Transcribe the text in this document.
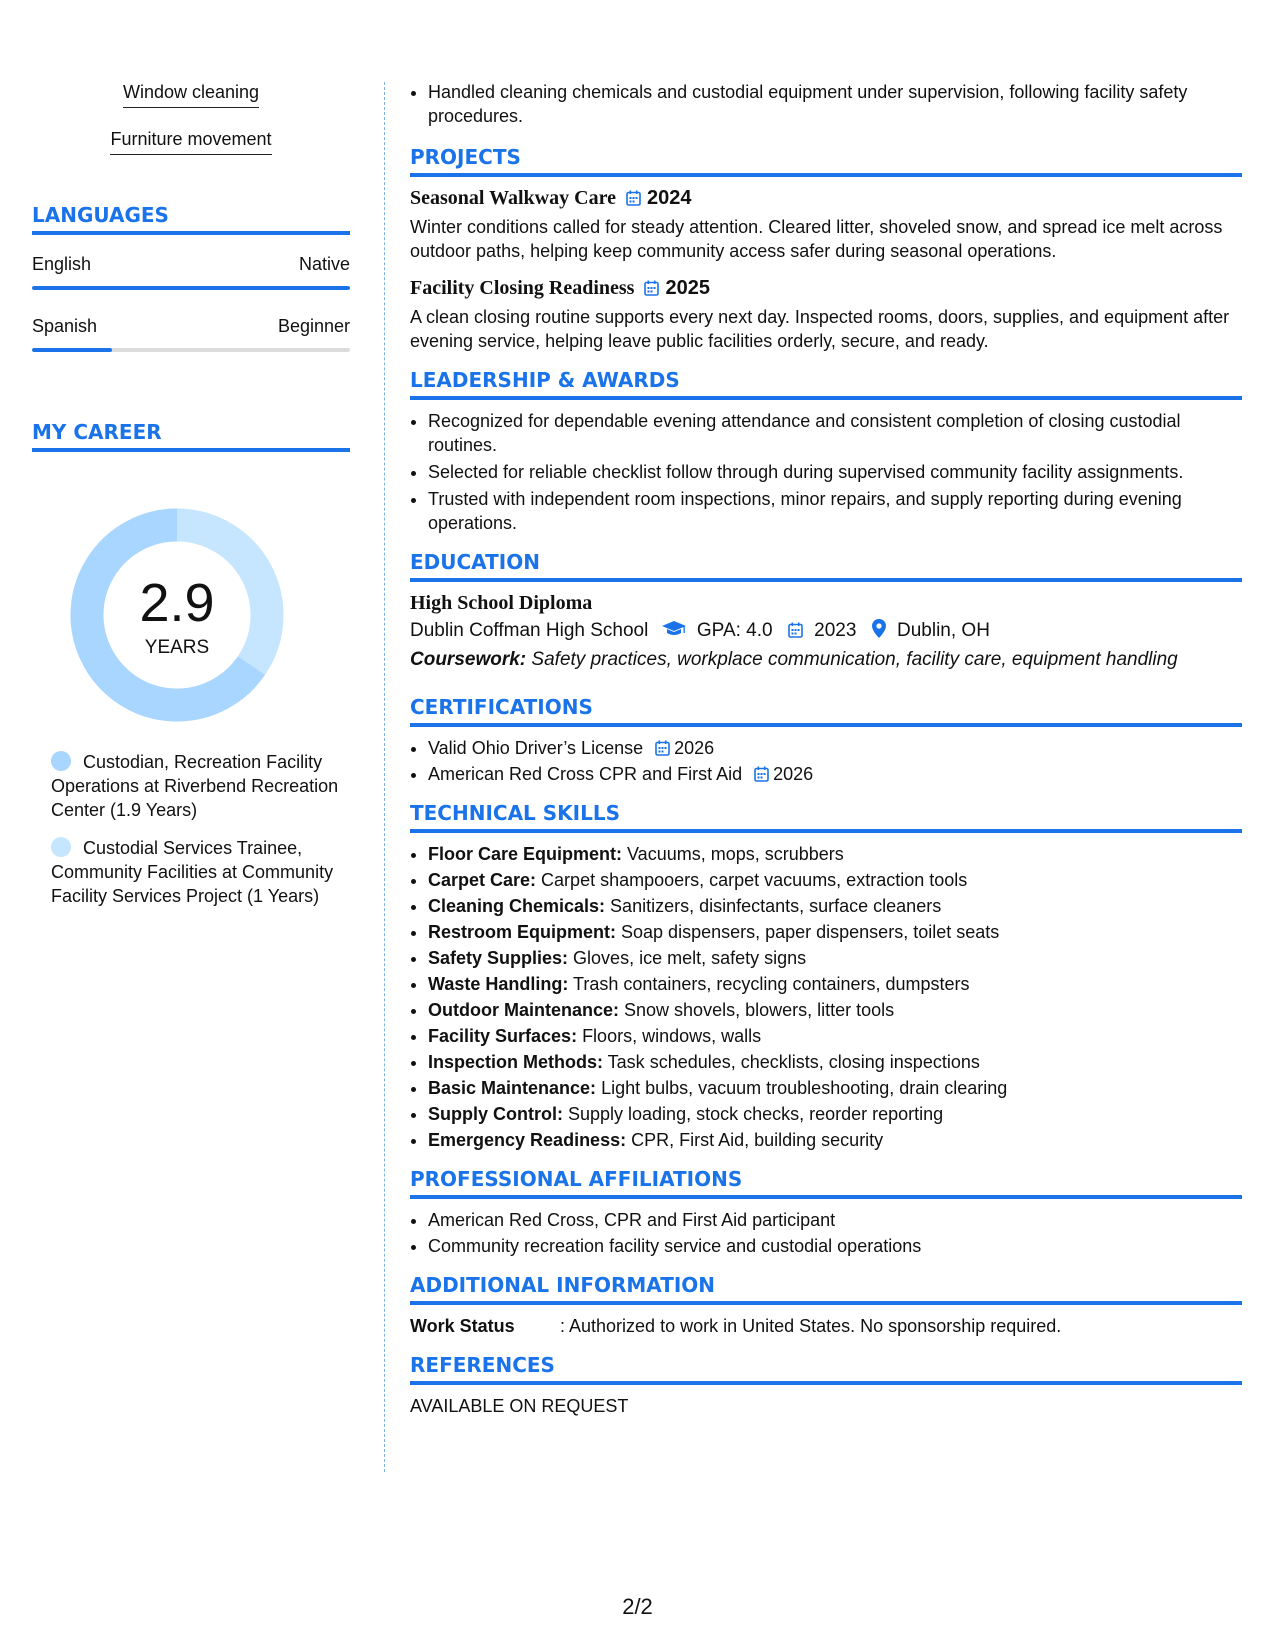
Window cleaning
Furniture movement
LANGUAGES
English	Native
Spanish	Beginner
MY CAREER
2.9
YEARS
Custodian, Recreation Facility Operations at Riverbend Recreation Center (1.9 Years)
Custodial Services Trainee, Community Facilities at Community Facility Services Project (1 Years)
• Handled cleaning chemicals and custodial equipment under supervision, following facility safety procedures.
PROJECTS
Seasonal Walkway Care 2024
Winter conditions called for steady attention. Cleared litter, shoveled snow, and spread ice melt across outdoor paths, helping keep community access safer during seasonal operations.
Facility Closing Readiness 2025
A clean closing routine supports every next day. Inspected rooms, doors, supplies, and equipment after evening service, helping leave public facilities orderly, secure, and ready.
LEADERSHIP & AWARDS
• Recognized for dependable evening attendance and consistent completion of closing custodial routines.
• Selected for reliable checklist follow through during supervised community facility assignments.
• Trusted with independent room inspections, minor repairs, and supply reporting during evening operations.
EDUCATION
High School Diploma
Dublin Coffman High School	GPA: 4.0 2023 Dublin, OH
Coursework: Safety practices, workplace communication, facility care, equipment handling
CERTIFICATIONS
• Valid Ohio Driver’s License 2026
• American Red Cross CPR and First Aid 2026
TECHNICAL SKILLS
• Floor Care Equipment: Vacuums, mops, scrubbers
• Carpet Care: Carpet shampooers, carpet vacuums, extraction tools
• Cleaning Chemicals: Sanitizers, disinfectants, surface cleaners
• Restroom Equipment: Soap dispensers, paper dispensers, toilet seats
• Safety Supplies: Gloves, ice melt, safety signs
• Waste Handling: Trash containers, recycling containers, dumpsters
• Outdoor Maintenance: Snow shovels, blowers, litter tools
• Facility Surfaces: Floors, windows, walls
• Inspection Methods: Task schedules, checklists, closing inspections
• Basic Maintenance: Light bulbs, vacuum troubleshooting, drain clearing
• Supply Control: Supply loading, stock checks, reorder reporting
• Emergency Readiness: CPR, First Aid, building security
PROFESSIONAL AFFILIATIONS
• American Red Cross, CPR and First Aid participant
• Community recreation facility service and custodial operations
ADDITIONAL INFORMATION
Work Status	: Authorized to work in United States. No sponsorship required.
REFERENCES
AVAILABLE ON REQUEST
2/2
